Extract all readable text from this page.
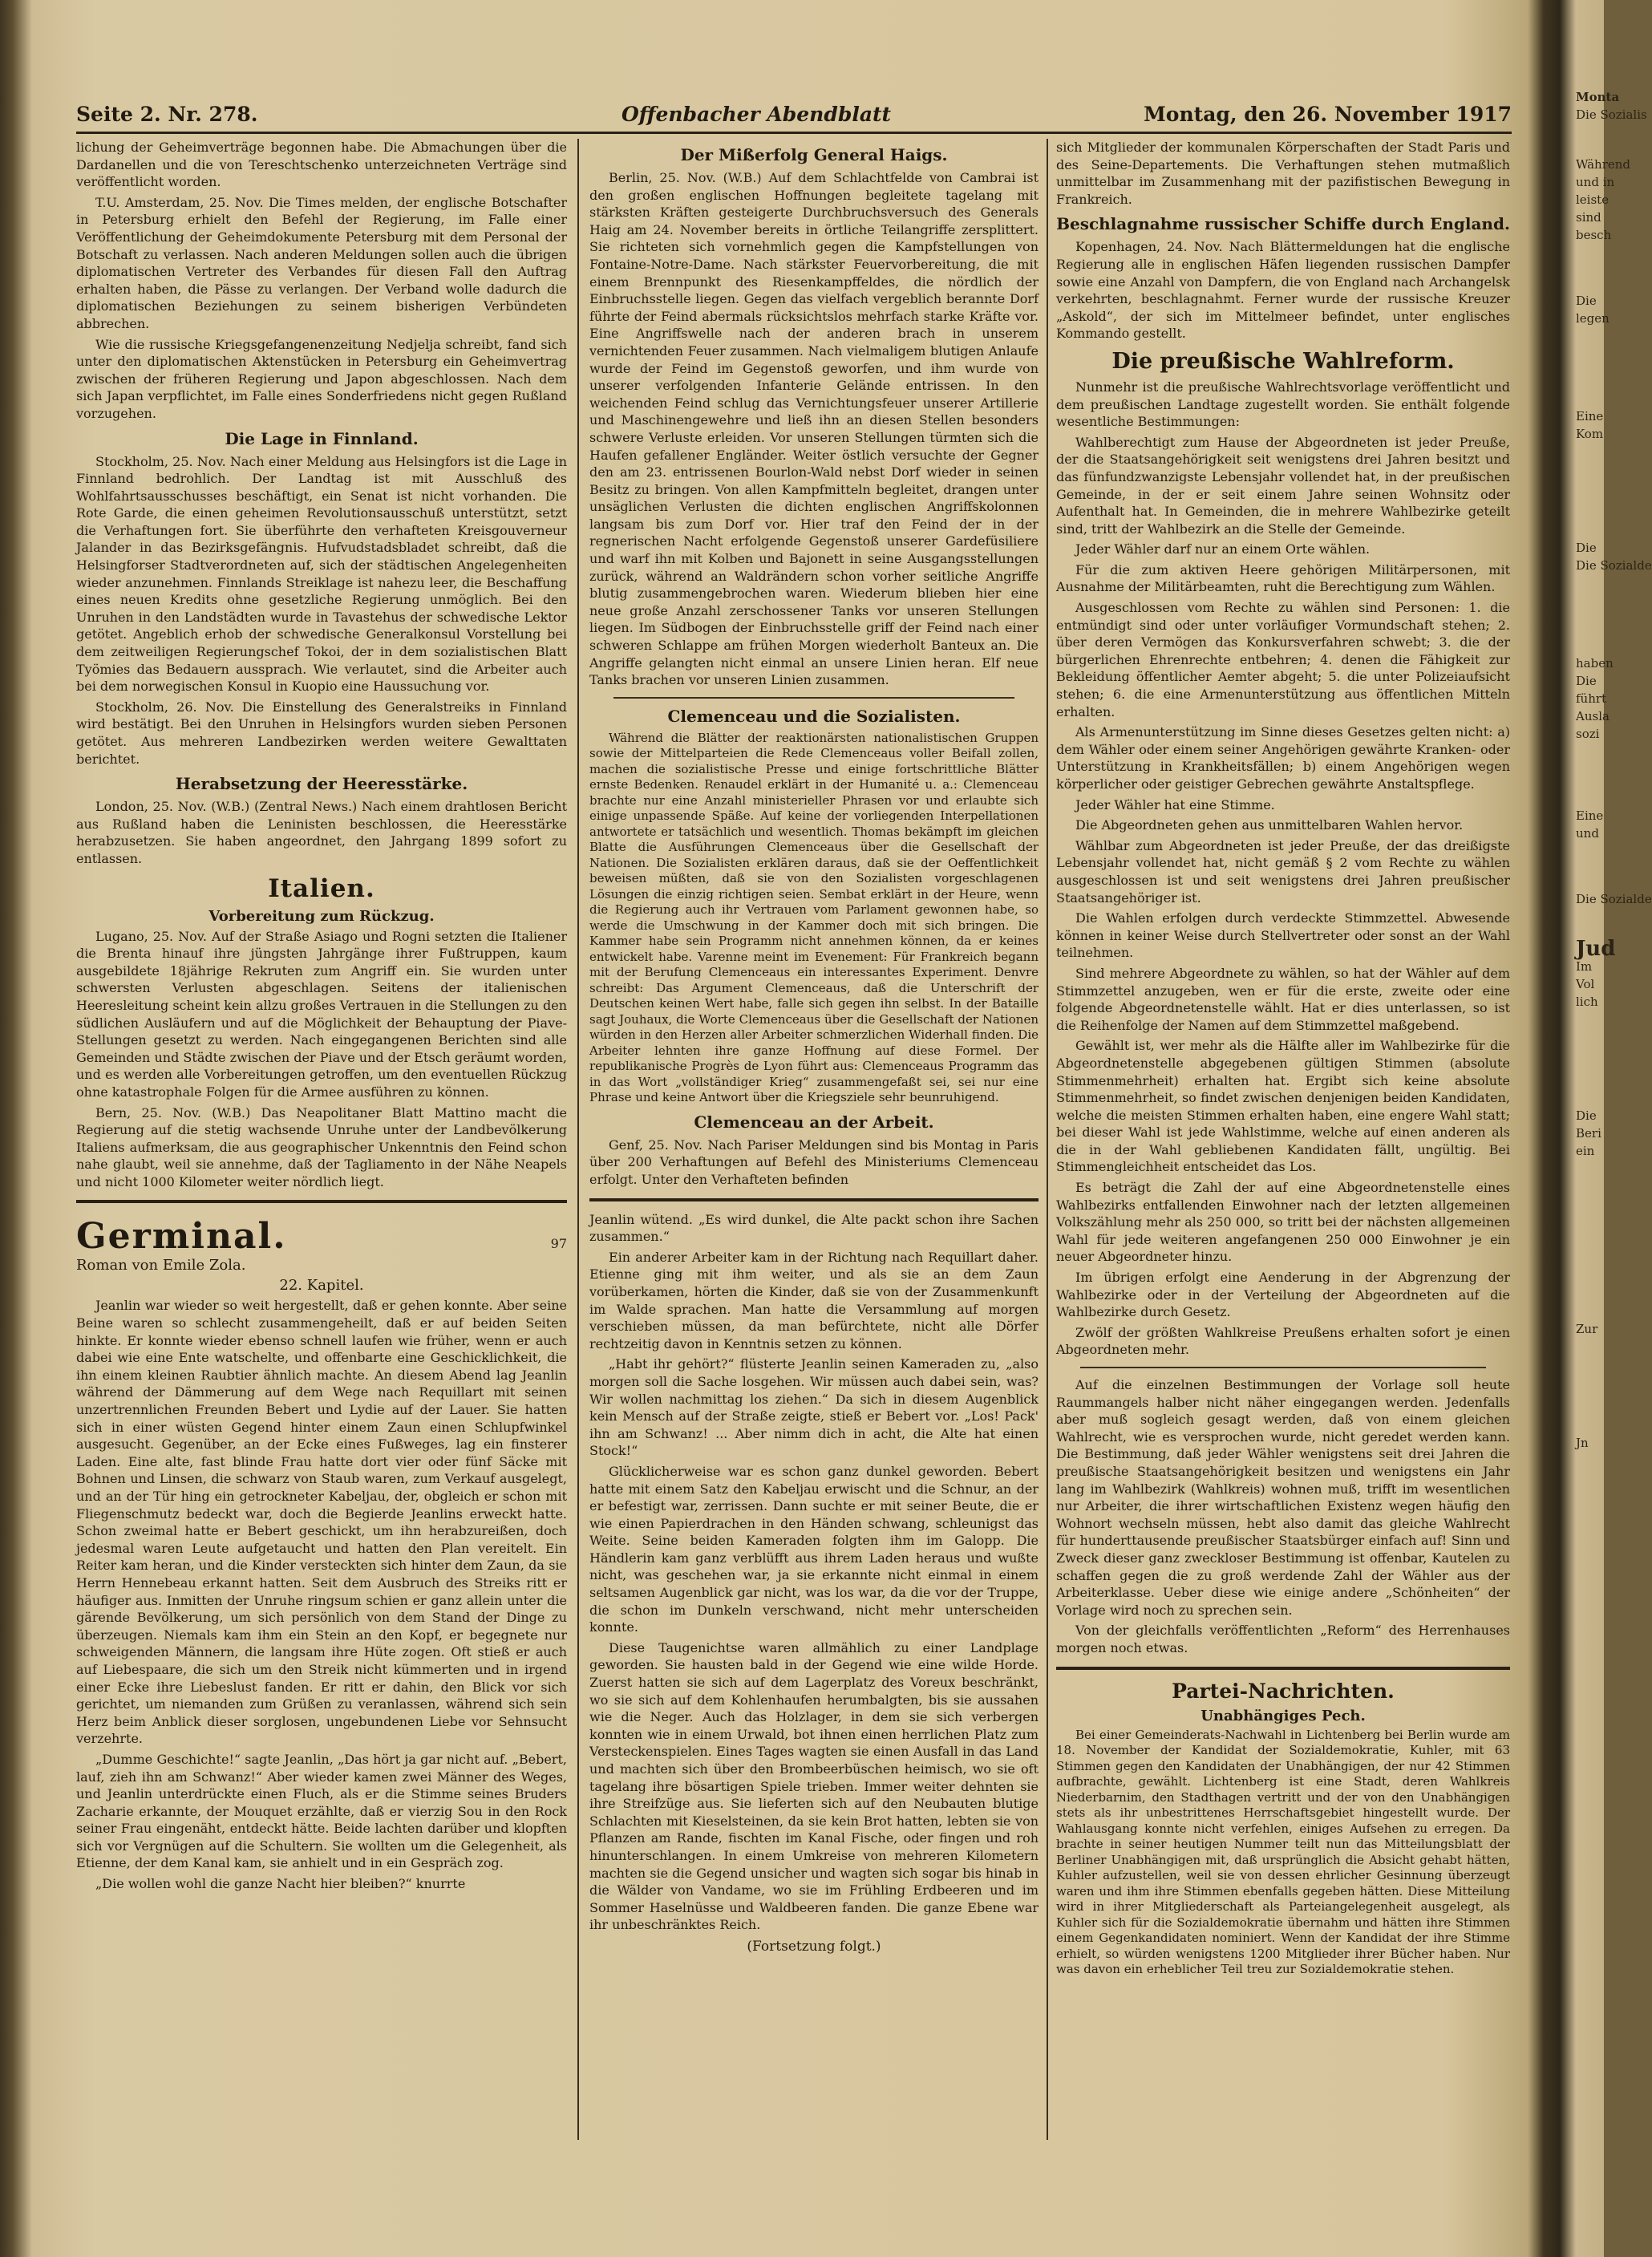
Seite 2. Nr. 278.	Offenbacher Abendblatt	Montag, den 26. November 1917

lichung der Geheimverträge begonnen habe. Die Abmachungen über die Dardanellen und die von Tereschtschenko unterzeichneten Verträge sind veröffentlicht worden.

T.U. Amsterdam, 25. Nov. Die Times melden, der englische Botschafter in Petersburg erhielt den Befehl der Regierung, im Falle einer Veröffentlichung der Geheimdokumente Petersburg mit dem Personal der Botschaft zu verlassen. Nach anderen Meldungen sollen auch die übrigen diplomatischen Vertreter des Verbandes für diesen Fall den Auftrag erhalten haben, die Pässe zu verlangen. Der Verband wolle dadurch die diplomatischen Beziehungen zu seinem bisherigen Verbündeten abbrechen.

Wie die russische Kriegsgefangenenzeitung Nedjelja schreibt, fand sich unter den diplomatischen Aktenstücken in Petersburg ein Geheimvertrag zwischen der früheren Regierung und Japon abgeschlossen. Nach dem sich Japan verpflichtet, im Falle eines Sonderfriedens nicht gegen Rußland vorzugehen.

Die Lage in Finnland.

Stockholm, 25. Nov. Nach einer Meldung aus Helsingfors ist die Lage in Finnland bedrohlich. Der Landtag ist mit Ausschluß des Wohlfahrtsausschusses beschäftigt, ein Senat ist nicht vorhanden. Die Rote Garde, die einen geheimen Revolutionsausschuß unterstützt, setzt die Verhaftungen fort. Sie überführte den verhafteten Kreisgouverneur Jalander in das Bezirksgefängnis. Hufvudstadsbladet schreibt, daß die Helsingforser Stadtverordneten auf, sich der städtischen Angelegenheiten wieder anzunehmen. Finnlands Streiklage ist nahezu leer, die Beschaffung eines neuen Kredits ohne gesetzliche Regierung unmöglich. Bei den Unruhen in den Landstädten wurde in Tavastehus der schwedische Lektor getötet. Angeblich erhob der schwedische Generalkonsul Vorstellung bei dem zeitweiligen Regierungschef Tokoi, der in dem sozialistischen Blatt Työmies das Bedauern aussprach. Wie verlautet, sind die Arbeiter auch bei dem norwegischen Konsul in Kuopio eine Haussuchung vor.

Stockholm, 26. Nov. Die Einstellung des Generalstreiks in Finnland wird bestätigt. Bei den Unruhen in Helsingfors wurden sieben Personen getötet. Aus mehreren Landbezirken werden weitere Gewalttaten berichtet.

Herabsetzung der Heeresstärke.

London, 25. Nov. (W.B.) (Zentral News.) Nach einem drahtlosen Bericht aus Rußland haben die Leninisten beschlossen, die Heeresstärke herabzusetzen. Sie haben angeordnet, den Jahrgang 1899 sofort zu entlassen.

Italien.
Vorbereitung zum Rückzug.

Lugano, 25. Nov. Auf der Straße Asiago und Rogni setzten die Italiener die Brenta hinauf ihre jüngsten Jahrgänge ihrer Fußtruppen, kaum ausgebildete 18jährige Rekruten zum Angriff ein. Sie wurden unter schwersten Verlusten abgeschlagen. Seitens der italienischen Heeresleitung scheint kein allzu großes Vertrauen in die Stellungen zu den südlichen Ausläufern und auf die Möglichkeit der Behauptung der Piave-Stellungen gesetzt zu werden. Nach eingegangenen Berichten sind alle Gemeinden und Städte zwischen der Piave und der Etsch geräumt worden, und es werden alle Vorbereitungen getroffen, um den eventuellen Rückzug ohne katastrophale Folgen für die Armee ausführen zu können.

Bern, 25. Nov. (W.B.) Das Neapolitaner Blatt Mattino macht die Regierung auf die stetig wachsende Unruhe unter der Landbevölkerung Italiens aufmerksam, die aus geographischer Unkenntnis den Feind schon nahe glaubt, weil sie annehme, daß der Tagliamento in der Nähe Neapels und nicht 1000 Kilometer weiter nördlich liegt.

Germinal.	97
Roman von Emile Zola.
22. Kapitel.

Jeanlin war wieder so weit hergestellt, daß er gehen konnte. Aber seine Beine waren so schlecht zusammengeheilt, daß er auf beiden Seiten hinkte. Er konnte wieder ebenso schnell laufen wie früher, wenn er auch dabei wie eine Ente watschelte, und offenbarte eine Geschicklichkeit, die ihn einem kleinen Raubtier ähnlich machte. An diesem Abend lag Jeanlin während der Dämmerung auf dem Wege nach Requillart mit seinen unzertrennlichen Freunden Bebert und Lydie auf der Lauer. Sie hatten sich in einer wüsten Gegend hinter einem Zaun einen Schlupfwinkel ausgesucht. Gegenüber, an der Ecke eines Fußweges, lag ein finsterer Laden. Eine alte, fast blinde Frau hatte dort vier oder fünf Säcke mit Bohnen und Linsen, die schwarz von Staub waren, zum Verkauf ausgelegt, und an der Tür hing ein getrockneter Kabeljau, der, obgleich er schon mit Fliegenschmutz bedeckt war, doch die Begierde Jeanlins erweckt hatte. Schon zweimal hatte er Bebert geschickt, um ihn herabzureißen, doch jedesmal waren Leute aufgetaucht und hatten den Plan vereitelt. Ein Reiter kam heran, und die Kinder versteckten sich hinter dem Zaun, da sie Herrn Hennebeau erkannt hatten. Seit dem Ausbruch des Streiks ritt er häufiger aus. Inmitten der Unruhe ringsum schien er ganz allein unter die gärende Bevölkerung, um sich persönlich von dem Stand der Dinge zu überzeugen. Niemals kam ihm ein Stein an den Kopf, er begegnete nur schweigenden Männern, die langsam ihre Hüte zogen. Oft stieß er auch auf Liebespaare, die sich um den Streik nicht kümmerten und in irgend einer Ecke ihre Liebeslust fanden. Er ritt er dahin, den Blick vor sich gerichtet, um niemanden zum Grüßen zu veranlassen, während sich sein Herz beim Anblick dieser sorglosen, ungebundenen Liebe vor Sehnsucht verzehrte.

„Dumme Geschichte!“ sagte Jeanlin, „Das hört ja gar nicht auf. „Bebert, lauf, zieh ihn am Schwanz!“ Aber wieder kamen zwei Männer des Weges, und Jeanlin unterdrückte einen Fluch, als er die Stimme seines Bruders Zacharie erkannte, der Mouquet erzählte, daß er vierzig Sou in den Rock seiner Frau eingenäht, entdeckt hätte. Beide lachten darüber und klopften sich vor Vergnügen auf die Schultern. Sie wollten um die Gelegenheit, als Etienne, der dem Kanal kam, sie anhielt und in ein Gespräch zog.

„Die wollen wohl die ganze Nacht hier bleiben?“ knurrte

Der Mißerfolg General Haigs.

Berlin, 25. Nov. (W.B.) Auf dem Schlachtfelde von Cambrai ist den großen englischen Hoffnungen begleitete tagelang mit stärksten Kräften gesteigerte Durchbruchsversuch des Generals Haig am 24. November bereits in örtliche Teilangriffe zersplittert. Sie richteten sich vornehmlich gegen die Kampfstellungen von Fontaine-Notre-Dame. Nach stärkster Feuervorbereitung, die mit einem Brennpunkt des Riesenkampffeldes, die nördlich der Einbruchsstelle liegen. Gegen das vielfach vergeblich berannte Dorf führte der Feind abermals rücksichtslos mehrfach starke Kräfte vor. Eine Angriffswelle nach der anderen brach in unserem vernichtenden Feuer zusammen. Nach vielmaligem blutigen Anlaufe wurde der Feind im Gegenstoß geworfen, und ihm wurde von unserer verfolgenden Infanterie Gelände entrissen. In den weichenden Feind schlug das Vernichtungsfeuer unserer Artillerie und Maschinengewehre und ließ ihn an diesen Stellen besonders schwere Verluste erleiden. Vor unseren Stellungen türmten sich die Haufen gefallener Engländer. Weiter östlich versuchte der Gegner den am 23. entrissenen Bourlon-Wald nebst Dorf wieder in seinen Besitz zu bringen. Von allen Kampfmitteln begleitet, drangen unter unsäglichen Verlusten die dichten englischen Angriffskolonnen langsam bis zum Dorf vor. Hier traf den Feind der in der regnerischen Nacht erfolgende Gegenstoß unserer Gardefüsiliere und warf ihn mit Kolben und Bajonett in seine Ausgangsstellungen zurück, während an Waldrändern schon vorher seitliche Angriffe blutig zusammengebrochen waren. Wiederum blieben hier eine neue große Anzahl zerschossener Tanks vor unseren Stellungen liegen. Im Südbogen der Einbruchsstelle griff der Feind nach einer schweren Schlappe am frühen Morgen wiederholt Banteux an. Die Angriffe gelangten nicht einmal an unsere Linien heran. Elf neue Tanks brachen vor unseren Linien zusammen.

Clemenceau und die Sozialisten.

Während die Blätter der reaktionärsten nationalistischen Gruppen sowie der Mittelparteien die Rede Clemenceaus voller Beifall zollen, machen die sozialistische Presse und einige fortschrittliche Blätter ernste Bedenken. Renaudel erklärt in der Humanité u. a.: Clemenceau brachte nur eine Anzahl ministerieller Phrasen vor und erlaubte sich einige unpassende Späße. Auf keine der vorliegenden Interpellationen antwortete er tatsächlich und wesentlich. Thomas bekämpft im gleichen Blatte die Ausführungen Clemenceaus über die Gesellschaft der Nationen. Die Sozialisten erklären daraus, daß sie der Oeffentlichkeit beweisen müßten, daß sie von den Sozialisten vorgeschlagenen Lösungen die einzig richtigen seien. Sembat erklärt in der Heure, wenn die Regierung auch ihr Vertrauen vom Parlament gewonnen habe, so werde die Umschwung in der Kammer doch mit sich bringen. Die Kammer habe sein Programm nicht annehmen können, da er keines entwickelt habe. Varenne meint im Evenement: Für Frankreich begann mit der Berufung Clemenceaus ein interessantes Experiment. Denvre schreibt: Das Argument Clemenceaus, daß die Unterschrift der Deutschen keinen Wert habe, falle sich gegen ihn selbst. In der Bataille sagt Jouhaux, die Worte Clemenceaus über die Gesellschaft der Nationen würden in den Herzen aller Arbeiter schmerzlichen Widerhall finden. Die Arbeiter lehnten ihre ganze Hoffnung auf diese Formel. Der republikanische Progrès de Lyon führt aus: Clemenceaus Programm das in das Wort „vollständiger Krieg“ zusammengefaßt sei, sei nur eine Phrase und keine Antwort über die Kriegsziele sehr beunruhigend.

Clemenceau an der Arbeit.

Genf, 25. Nov. Nach Pariser Meldungen sind bis Montag in Paris über 200 Verhaftungen auf Befehl des Ministeriums Clemenceau erfolgt. Unter den Verhafteten befinden

Jeanlin wütend. „Es wird dunkel, die Alte packt schon ihre Sachen zusammen.“

Ein anderer Arbeiter kam in der Richtung nach Requillart daher. Etienne ging mit ihm weiter, und als sie an dem Zaun vorüberkamen, hörten die Kinder, daß sie von der Zusammenkunft im Walde sprachen. Man hatte die Versammlung auf morgen verschieben müssen, da man befürchtete, nicht alle Dörfer rechtzeitig davon in Kenntnis setzen zu können.

„Habt ihr gehört?“ flüsterte Jeanlin seinen Kameraden zu, „also morgen soll die Sache losgehen. Wir müssen auch dabei sein, was? Wir wollen nachmittag los ziehen.“ Da sich in diesem Augenblick kein Mensch auf der Straße zeigte, stieß er Bebert vor. „Los! Pack' ihn am Schwanz! ... Aber nimm dich in acht, die Alte hat einen Stock!“

Glücklicherweise war es schon ganz dunkel geworden. Bebert hatte mit einem Satz den Kabeljau erwischt und die Schnur, an der er befestigt war, zerrissen. Dann suchte er mit seiner Beute, die er wie einen Papierdrachen in den Händen schwang, schleunigst das Weite. Seine beiden Kameraden folgten ihm im Galopp. Die Händlerin kam ganz verblüfft aus ihrem Laden heraus und wußte nicht, was geschehen war, ja sie erkannte nicht einmal in einem seltsamen Augenblick gar nicht, was los war, da die vor der Truppe, die schon im Dunkeln verschwand, nicht mehr unterscheiden konnte.

Diese Taugenichtse waren allmählich zu einer Landplage geworden. Sie hausten bald in der Gegend wie eine wilde Horde. Zuerst hatten sie sich auf dem Lagerplatz des Voreux beschränkt, wo sie sich auf dem Kohlenhaufen herumbalgten, bis sie aussahen wie die Neger. Auch das Holzlager, in dem sie sich verbergen konnten wie in einem Urwald, bot ihnen einen herrlichen Platz zum Versteckenspielen. Eines Tages wagten sie einen Ausfall in das Land und machten sich über den Brombeerbüschen heimisch, wo sie oft tagelang ihre bösartigen Spiele trieben. Immer weiter dehnten sie ihre Streifzüge aus. Sie lieferten sich auf den Neubauten blutige Schlachten mit Kieselsteinen, da sie kein Brot hatten, lebten sie von Pflanzen am Rande, fischten im Kanal Fische, oder fingen und roh hinunterschlangen. In einem Umkreise von mehreren Kilometern machten sie die Gegend unsicher und wagten sich sogar bis hinab in die Wälder von Vandame, wo sie im Frühling Erdbeeren und im Sommer Haselnüsse und Waldbeeren fanden. Die ganze Ebene war ihr unbeschränktes Reich.

(Fortsetzung folgt.)

sich Mitglieder der kommunalen Körperschaften der Stadt Paris und des Seine-Departements. Die Verhaftungen stehen mutmaßlich unmittelbar im Zusammenhang mit der pazifistischen Bewegung in Frankreich.

Beschlagnahme russischer Schiffe durch England.

Kopenhagen, 24. Nov. Nach Blättermeldungen hat die englische Regierung alle in englischen Häfen liegenden russischen Dampfer sowie eine Anzahl von Dampfern, die von England nach Archangelsk verkehrten, beschlagnahmt. Ferner wurde der russische Kreuzer „Askold“, der sich im Mittelmeer befindet, unter englisches Kommando gestellt.

Die preußische Wahlreform.

Nunmehr ist die preußische Wahlrechtsvorlage veröffentlicht und dem preußischen Landtage zugestellt worden. Sie enthält folgende wesentliche Bestimmungen:

Wahlberechtigt zum Hause der Abgeordneten ist jeder Preuße, der die Staatsangehörigkeit seit wenigstens drei Jahren besitzt und das fünfundzwanzigste Lebensjahr vollendet hat, in der preußischen Gemeinde, in der er seit einem Jahre seinen Wohnsitz oder Aufenthalt hat. In Gemeinden, die in mehrere Wahlbezirke geteilt sind, tritt der Wahlbezirk an die Stelle der Gemeinde.

Jeder Wähler darf nur an einem Orte wählen.

Für die zum aktiven Heere gehörigen Militärpersonen, mit Ausnahme der Militärbeamten, ruht die Berechtigung zum Wählen.

Ausgeschlossen vom Rechte zu wählen sind Personen: 1. die entmündigt sind oder unter vorläufiger Vormundschaft stehen; 2. über deren Vermögen das Konkursverfahren schwebt; 3. die der bürgerlichen Ehrenrechte entbehren; 4. denen die Fähigkeit zur Bekleidung öffentlicher Aemter abgeht; 5. die unter Polizeiaufsicht stehen; 6. die eine Armenunterstützung aus öffentlichen Mitteln erhalten.

Als Armenunterstützung im Sinne dieses Gesetzes gelten nicht: a) dem Wähler oder einem seiner Angehörigen gewährte Kranken- oder Unterstützung in Krankheitsfällen; b) einem Angehörigen wegen körperlicher oder geistiger Gebrechen gewährte Anstaltspflege.

Jeder Wähler hat eine Stimme.

Die Abgeordneten gehen aus unmittelbaren Wahlen hervor.

Wählbar zum Abgeordneten ist jeder Preuße, der das dreißigste Lebensjahr vollendet hat, nicht gemäß § 2 vom Rechte zu wählen ausgeschlossen ist und seit wenigstens drei Jahren preußischer Staatsangehöriger ist.

Die Wahlen erfolgen durch verdeckte Stimmzettel. Abwesende können in keiner Weise durch Stellvertreter oder sonst an der Wahl teilnehmen.

Sind mehrere Abgeordnete zu wählen, so hat der Wähler auf dem Stimmzettel anzugeben, wen er für die erste, zweite oder eine folgende Abgeordnetenstelle wählt. Hat er dies unterlassen, so ist die Reihenfolge der Namen auf dem Stimmzettel maßgebend.

Gewählt ist, wer mehr als die Hälfte aller im Wahlbezirke für die Abgeordnetenstelle abgegebenen gültigen Stimmen (absolute Stimmenmehrheit) erhalten hat. Ergibt sich keine absolute Stimmenmehrheit, so findet zwischen denjenigen beiden Kandidaten, welche die meisten Stimmen erhalten haben, eine engere Wahl statt; bei dieser Wahl ist jede Wahlstimme, welche auf einen anderen als die in der Wahl gebliebenen Kandidaten fällt, ungültig. Bei Stimmengleichheit entscheidet das Los.

Es beträgt die Zahl der auf eine Abgeordnetenstelle eines Wahlbezirks entfallenden Einwohner nach der letzten allgemeinen Volkszählung mehr als 250 000, so tritt bei der nächsten allgemeinen Wahl für jede weiteren angefangenen 250 000 Einwohner je ein neuer Abgeordneter hinzu.

Im übrigen erfolgt eine Aenderung in der Abgrenzung der Wahlbezirke oder in der Verteilung der Abgeordneten auf die Wahlbezirke durch Gesetz.

Zwölf der größten Wahlkreise Preußens erhalten sofort je einen Abgeordneten mehr.

Auf die einzelnen Bestimmungen der Vorlage soll heute Raummangels halber nicht näher eingegangen werden. Jedenfalls aber muß sogleich gesagt werden, daß von einem gleichen Wahlrecht, wie es versprochen wurde, nicht geredet werden kann. Die Bestimmung, daß jeder Wähler wenigstens seit drei Jahren die preußische Staatsangehörigkeit besitzen und wenigstens ein Jahr lang im Wahlbezirk (Wahlkreis) wohnen muß, trifft im wesentlichen nur Arbeiter, die ihrer wirtschaftlichen Existenz wegen häufig den Wohnort wechseln müssen, hebt also damit das gleiche Wahlrecht für hunderttausende preußischer Staatsbürger einfach auf! Sinn und Zweck dieser ganz zweckloser Bestimmung ist offenbar, Kautelen zu schaffen gegen die zu groß werdende Zahl der Wähler aus der Arbeiterklasse. Ueber diese wie einige andere „Schönheiten“ der Vorlage wird noch zu sprechen sein.

Von der gleichfalls veröffentlichten „Reform“ des Herrenhauses morgen noch etwas.

Partei-Nachrichten.
Unabhängiges Pech.

Bei einer Gemeinderats-Nachwahl in Lichtenberg bei Berlin wurde am 18. November der Kandidat der Sozialdemokratie, Kuhler, mit 63 Stimmen gegen den Kandidaten der Unabhängigen, der nur 42 Stimmen aufbrachte, gewählt. Lichtenberg ist eine Stadt, deren Wahlkreis Niederbarnim, den Stadthagen vertritt und der von den Unabhängigen stets als ihr unbestrittenes Herrschaftsgebiet hingestellt wurde. Der Wahlausgang konnte nicht verfehlen, einiges Aufsehen zu erregen. Da brachte in seiner heutigen Nummer teilt nun das Mitteilungsblatt der Berliner Unabhängigen mit, daß ursprünglich die Absicht gehabt hätten, Kuhler aufzustellen, weil sie von dessen ehrlicher Gesinnung überzeugt waren und ihm ihre Stimmen ebenfalls gegeben hätten. Diese Mitteilung wird in ihrer Mitgliederschaft als Parteiangelegenheit ausgelegt, als Kuhler sich für die Sozialdemokratie übernahm und hätten ihre Stimmen einem Gegenkandidaten nominiert. Wenn der Kandidat der ihre Stimme erhielt, so würden wenigstens 1200 Mitglieder ihrer Bücher haben. Nur was davon ein erheblicher Teil treu zur Sozialdemokratie stehen.

Monta
Die Sozialis
Während
und in
leiste
sind
besch
Die
legen
Eine
Kom
Die
Die Sozialde
haben
Die
führt
Ausla
sozi
Eine
und
Die Sozialde
Jud
Im
Vol
lich
Die
Beri
ein
Zur
Jn
